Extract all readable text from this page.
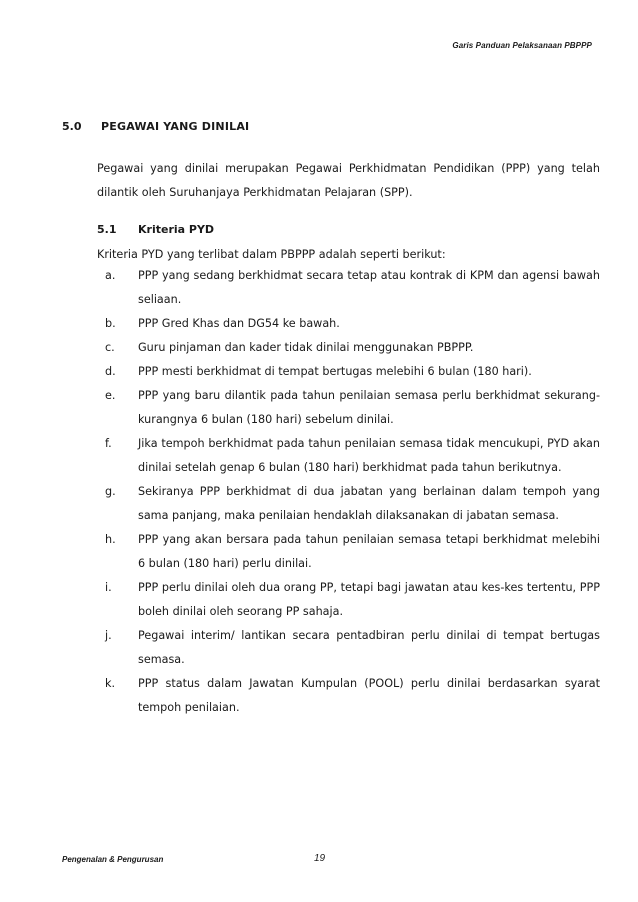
Garis Panduan Pelaksanaan PBPPP
5.0 PEGAWAI YANG DINILAI
Pegawai yang dinilai merupakan Pegawai Perkhidmatan Pendidikan (PPP) yang telah dilantik oleh Suruhanjaya Perkhidmatan Pelajaran (SPP).
5.1 Kriteria PYD
Kriteria PYD yang terlibat dalam PBPPP adalah seperti berikut:
a.	PPP yang sedang berkhidmat secara tetap atau kontrak di KPM dan agensi bawah seliaan.
b.	PPP Gred Khas dan DG54 ke bawah.
c.	Guru pinjaman dan kader tidak dinilai menggunakan PBPPP.
d.	PPP mesti berkhidmat di tempat bertugas melebihi 6 bulan (180 hari).
e.	PPP yang baru dilantik pada tahun penilaian semasa perlu berkhidmat sekurang-kurangnya 6 bulan (180 hari) sebelum dinilai.
f.	Jika tempoh berkhidmat pada tahun penilaian semasa tidak mencukupi, PYD akan dinilai setelah genap 6 bulan (180 hari) berkhidmat pada tahun berikutnya.
g.	Sekiranya PPP berkhidmat di dua jabatan yang berlainan dalam tempoh yang sama panjang, maka penilaian hendaklah dilaksanakan di jabatan semasa.
h.	PPP yang akan bersara pada tahun penilaian semasa tetapi berkhidmat melebihi 6 bulan (180 hari) perlu dinilai.
i.	PPP perlu dinilai oleh dua orang PP, tetapi bagi jawatan atau kes-kes tertentu, PPP boleh dinilai oleh seorang PP sahaja.
j.	Pegawai interim/ lantikan secara pentadbiran perlu dinilai di tempat bertugas semasa.
k.	PPP status dalam Jawatan Kumpulan (POOL) perlu dinilai berdasarkan syarat tempoh penilaian.
Pengenalan & Pengurusan	19
